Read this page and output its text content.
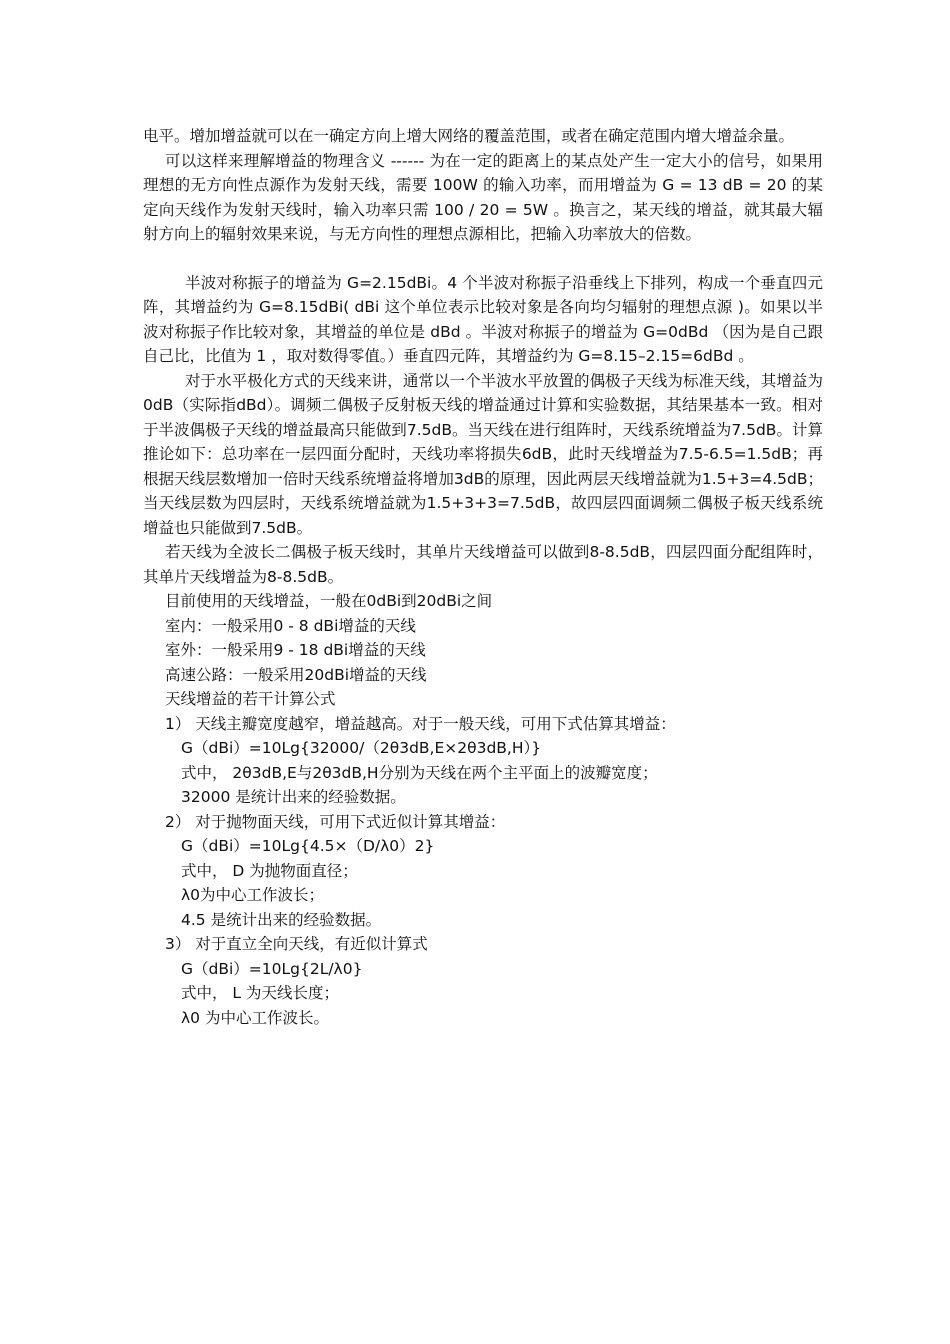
电平。增加增益就可以在一确定方向上增大网络的覆盖范围，或者在确定范围内增大增益余量。

可以这样来理解增益的物理含义 ------ 为在一定的距离上的某点处产生一定大小的信号，如果用理想的无方向性点源作为发射天线，需要 100W 的输入功率，而用增益为 G = 13 dB = 20 的某定向天线作为发射天线时，输入功率只需 100 / 20 = 5W 。换言之，某天线的增益，就其最大辐射方向上的辐射效果来说，与无方向性的理想点源相比，把输入功率放大的倍数。

半波对称振子的增益为 G=2.15dBi。4 个半波对称振子沿垂线上下排列，构成一个垂直四元阵，其增益约为 G=8.15dBi( dBi 这个单位表示比较对象是各向均匀辐射的理想点源 )。如果以半波对称振子作比较对象，其增益的单位是 dBd 。半波对称振子的增益为 G=0dBd （因为是自己跟自己比，比值为 1 ，取对数得零值。）垂直四元阵，其增益约为 G=8.15–2.15=6dBd 。

对于水平极化方式的天线来讲，通常以一个半波水平放置的偶极子天线为标准天线，其增益为0dB（实际指dBd）。调频二偶极子反射板天线的增益通过计算和实验数据，其结果基本一致。相对于半波偶极子天线的增益最高只能做到7.5dB。当天线在进行组阵时，天线系统增益为7.5dB。计算推论如下：总功率在一层四面分配时，天线功率将损失6dB，此时天线增益为7.5-6.5=1.5dB；再根据天线层数增加一倍时天线系统增益将增加3dB的原理，因此两层天线增益就为1.5+3=4.5dB；当天线层数为四层时，天线系统增益就为1.5+3+3=7.5dB，故四层四面调频二偶极子板天线系统增益也只能做到7.5dB。

若天线为全波长二偶极子板天线时，其单片天线增益可以做到8-8.5dB，四层四面分配组阵时，其单片天线增益为8-8.5dB。

目前使用的天线增益，一般在0dBi到20dBi之间

室内：一般采用0 - 8 dBi增益的天线

室外：一般采用9 - 18 dBi增益的天线

高速公路：一般采用20dBi增益的天线

天线增益的若干计算公式

1） 天线主瓣宽度越窄，增益越高。对于一般天线，可用下式估算其增益：

G（dBi）=10Lg{32000/（2θ3dB,E×2θ3dB,H）}

式中， 2θ3dB,E与2θ3dB,H分别为天线在两个主平面上的波瓣宽度；

32000 是统计出来的经验数据。

2） 对于抛物面天线，可用下式近似计算其增益：

G（dBi）=10Lg{4.5×（D/λ0）2}

式中， D 为抛物面直径；

λ0为中心工作波长；

4.5 是统计出来的经验数据。

3） 对于直立全向天线，有近似计算式

G（dBi）=10Lg{2L/λ0}

式中， L 为天线长度；

λ0 为中心工作波长。
